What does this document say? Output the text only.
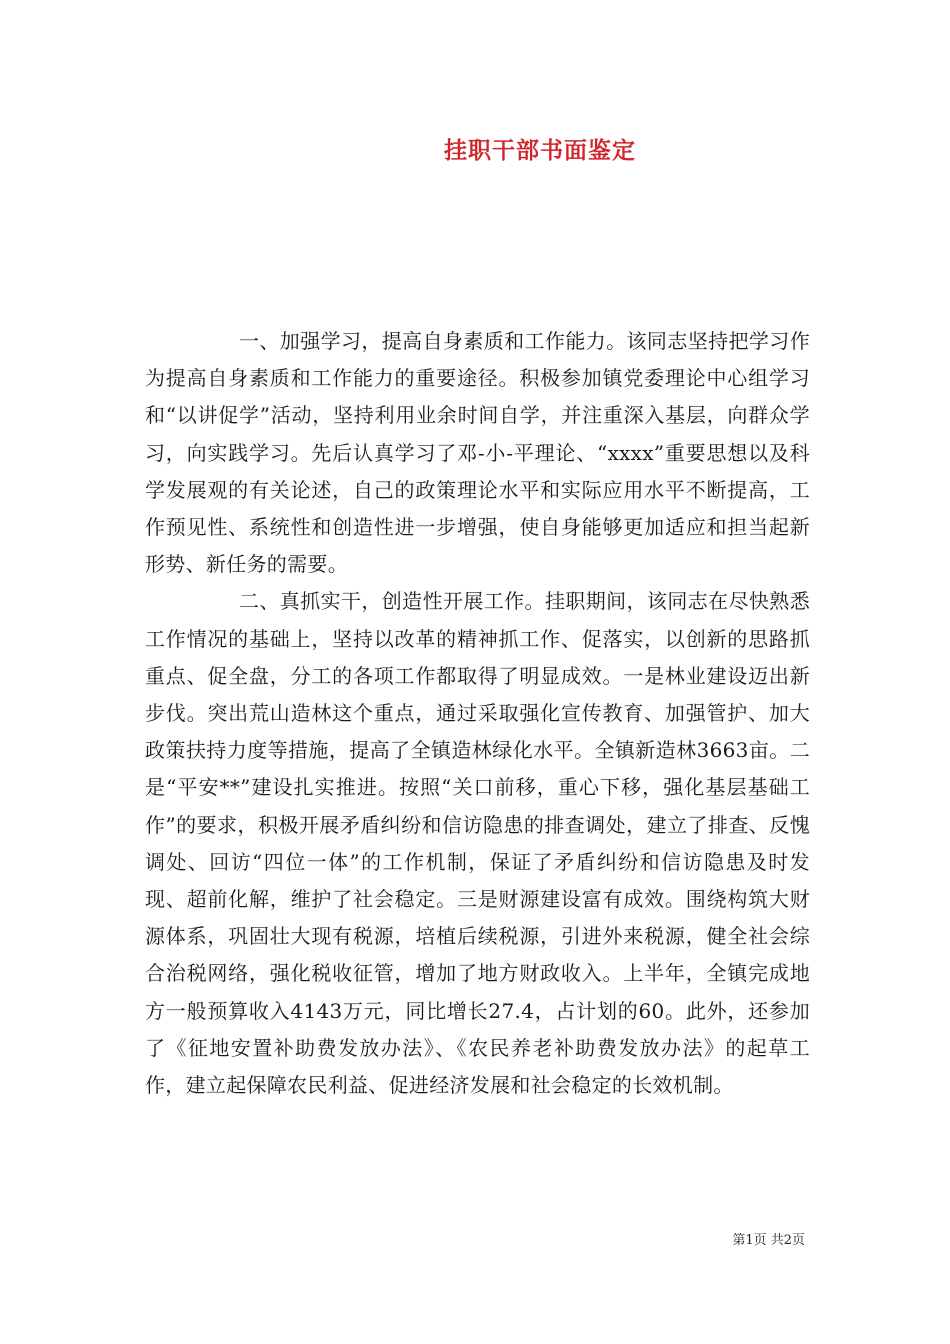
挂职干部书面鉴定

一、加强学习，提高自身素质和工作能力。该同志坚持把学习作为提高自身素质和工作能力的重要途径。积极参加镇党委理论中心组学习和“以讲促学”活动，坚持利用业余时间自学，并注重深入基层，向群众学习，向实践学习。先后认真学习了邓-小-平理论、“xxxx”重要思想以及科学发展观的有关论述，自己的政策理论水平和实际应用水平不断提高，工作预见性、系统性和创造性进一步增强，使自身能够更加适应和担当起新形势、新任务的需要。

二、真抓实干，创造性开展工作。挂职期间，该同志在尽快熟悉工作情况的基础上，坚持以改革的精神抓工作、促落实，以创新的思路抓重点、促全盘，分工的各项工作都取得了明显成效。一是林业建设迈出新步伐。突出荒山造林这个重点，通过采取强化宣传教育、加强管护、加大政策扶持力度等措施，提高了全镇造林绿化水平。全镇新造林3663亩。二是“平安**”建设扎实推进。按照“关口前移，重心下移，强化基层基础工作”的要求，积极开展矛盾纠纷和信访隐患的排查调处，建立了排查、反愧调处、回访“四位一体”的工作机制，保证了矛盾纠纷和信访隐患及时发现、超前化解，维护了社会稳定。三是财源建设富有成效。围绕构筑大财源体系，巩固壮大现有税源，培植后续税源，引进外来税源，健全社会综合治税网络，强化税收征管，增加了地方财政收入。上半年，全镇完成地方一般预算收入4143万元，同比增长27.4，占计划的60。此外，还参加了《征地安置补助费发放办法》、《农民养老补助费发放办法》的起草工作，建立起保障农民利益、促进经济发展和社会稳定的长效机制。

第1页 共2页
